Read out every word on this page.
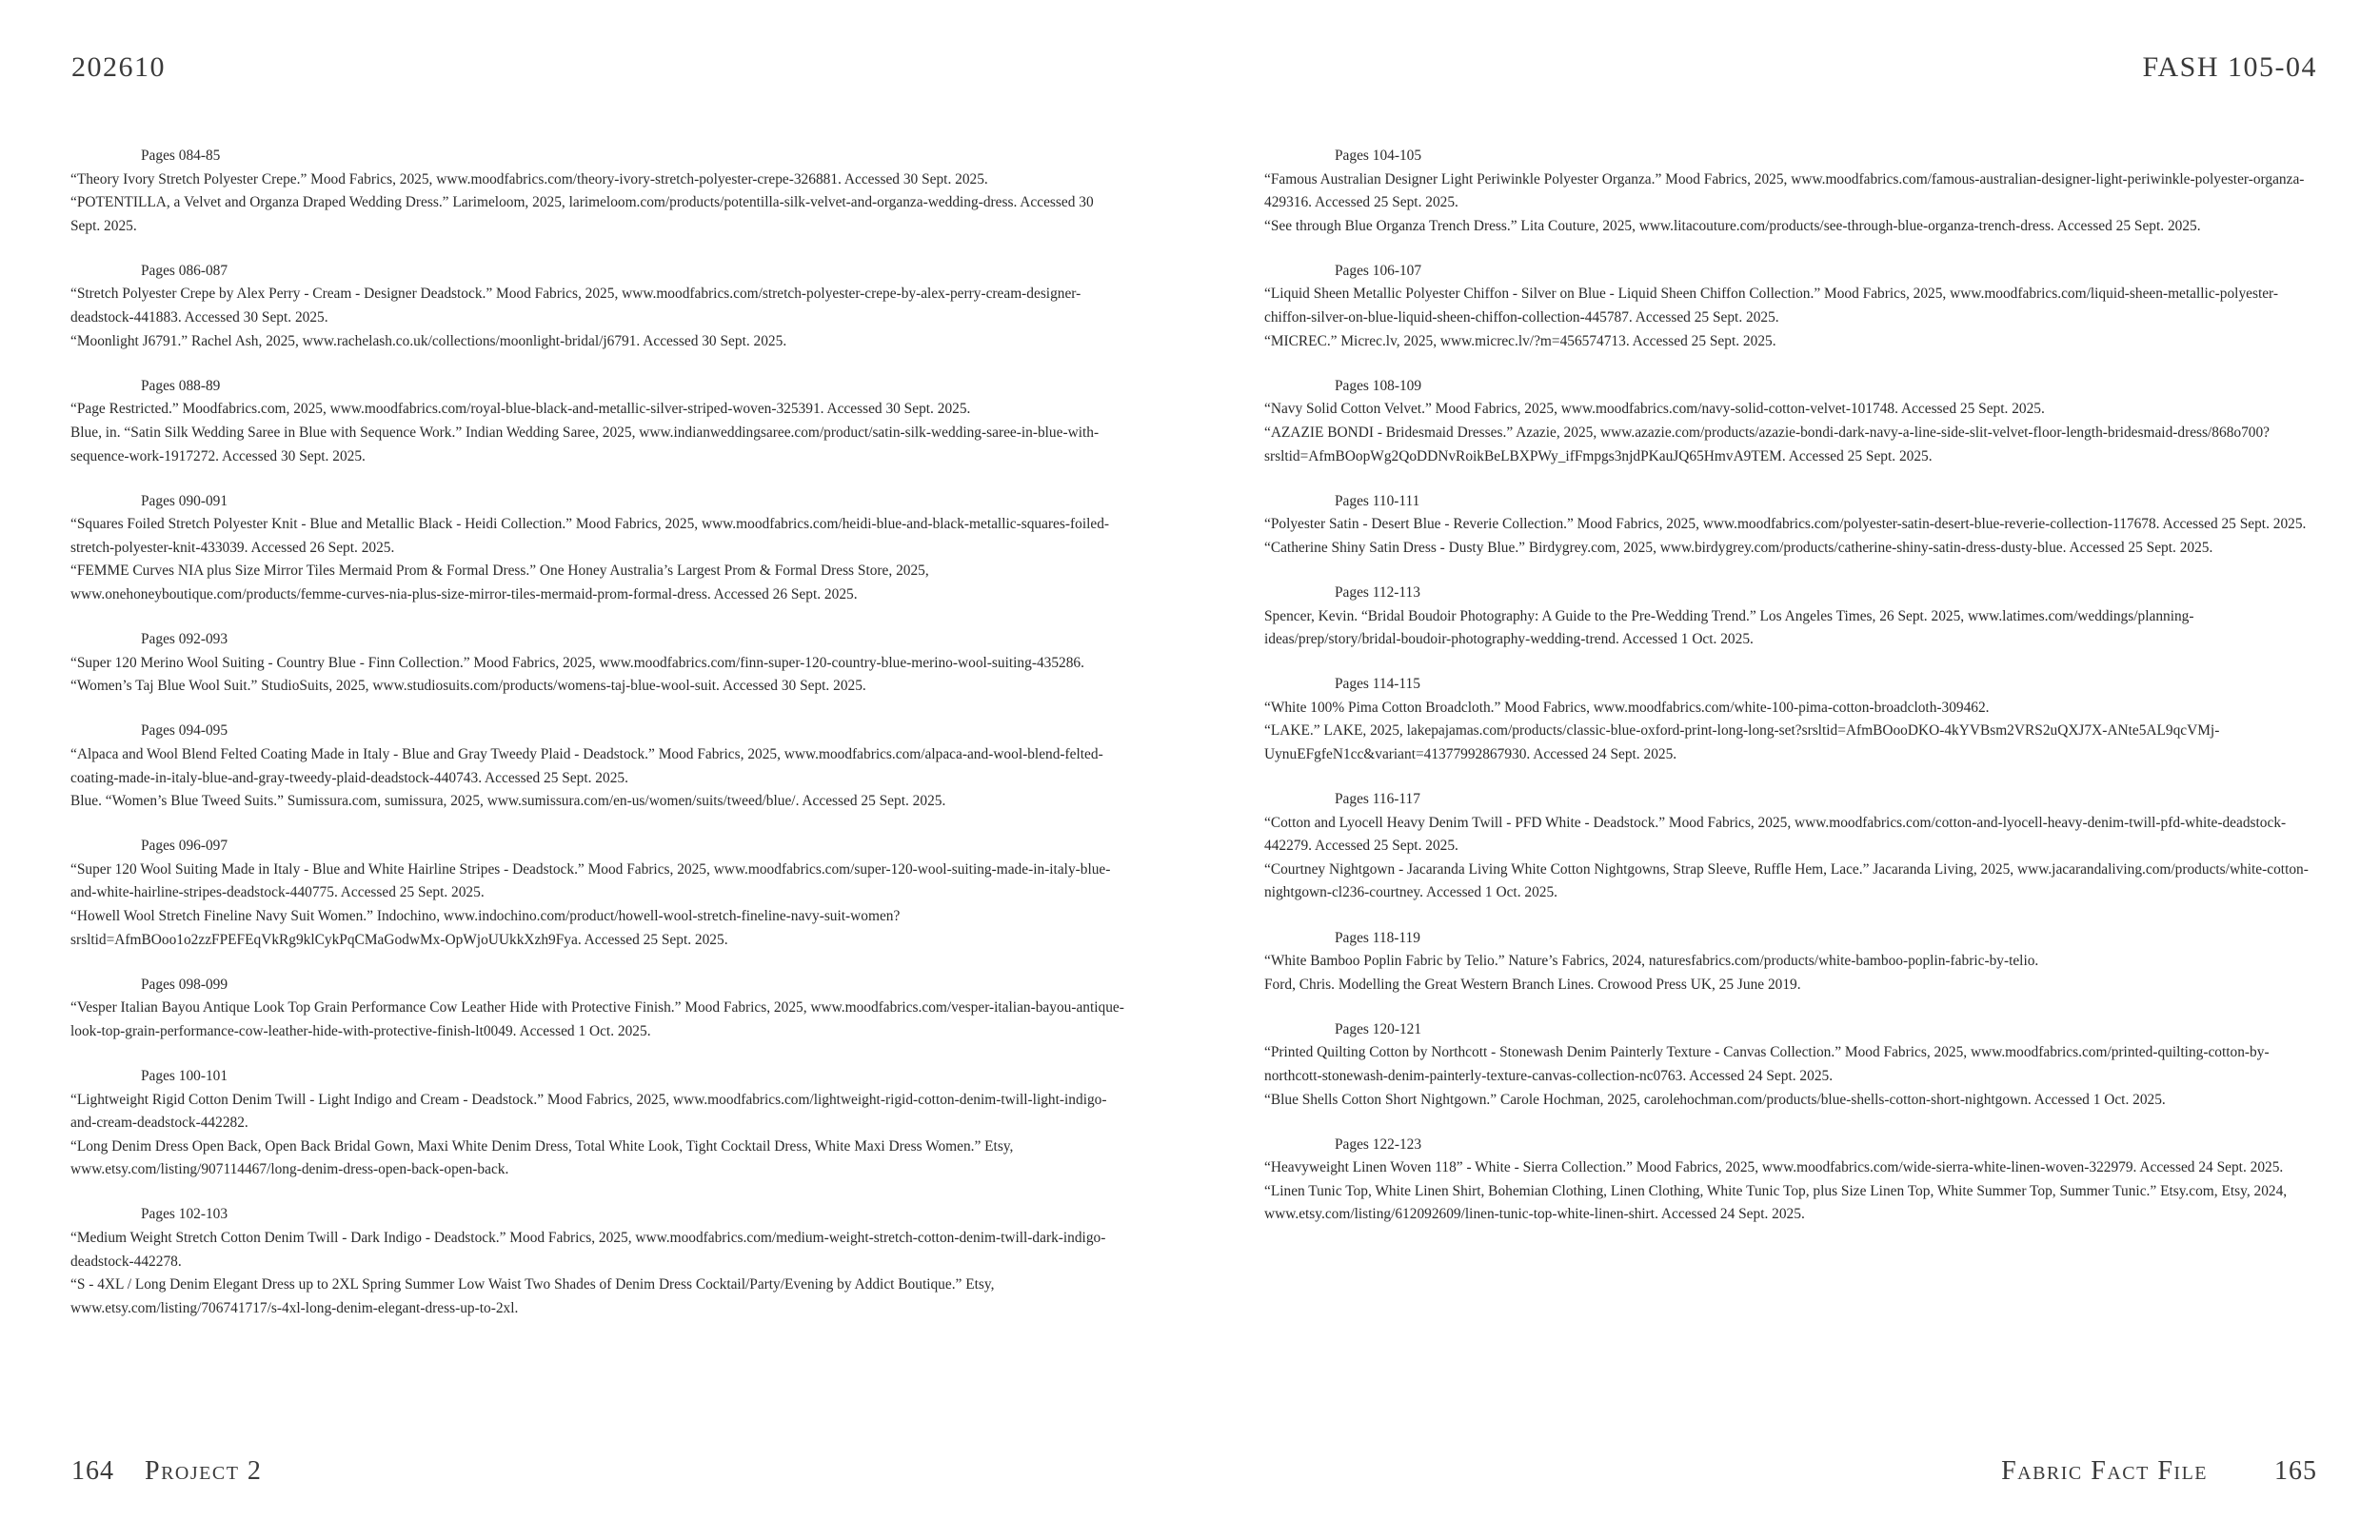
202610	FASH 105-04
Pages 084-85

“Theory Ivory Stretch Polyester Crepe.” Mood Fabrics, 2025, www.moodfabrics.com/theory-ivory-stretch-polyester-crepe-326881. Accessed 30 Sept. 2025.

“POTENTILLA, a Velvet and Organza Draped Wedding Dress.” Larimeloom, 2025, larimeloom.com/products/potentilla-silk-velvet-and-organza-wedding-dress. Accessed 30 Sept. 2025.

Pages 086-087

“Stretch Polyester Crepe by Alex Perry - Cream - Designer Deadstock.” Mood Fabrics, 2025, www.moodfabrics.com/stretch-polyester-crepe-by-alex-perry-cream-designer-deadstock-441883. Accessed 30 Sept. 2025.

“Moonlight J6791.” Rachel Ash, 2025, www.rachelash.co.uk/collections/moonlight-bridal/j6791. Accessed 30 Sept. 2025.

Pages 088-89

“Page Restricted.” Moodfabrics.com, 2025, www.moodfabrics.com/royal-blue-black-and-metallic-silver-striped-woven-325391. Accessed 30 Sept. 2025.

Blue, in. “Satin Silk Wedding Saree in Blue with Sequence Work.” Indian Wedding Saree, 2025, www.indianweddingsaree.com/product/satin-silk-wedding-saree-in-blue-with-sequence-work-1917272. Accessed 30 Sept. 2025.

Pages 090-091

“Squares Foiled Stretch Polyester Knit - Blue and Metallic Black - Heidi Collection.” Mood Fabrics, 2025, www.moodfabrics.com/heidi-blue-and-black-metallic-squares-foiled-stretch-polyester-knit-433039. Accessed 26 Sept. 2025.

“FEMME Curves NIA plus Size Mirror Tiles Mermaid Prom & Formal Dress.” One Honey Australia’s Largest Prom & Formal Dress Store, 2025, www.onehoneyboutique.com/products/femme-curves-nia-plus-size-mirror-tiles-mermaid-prom-formal-dress. Accessed 26 Sept. 2025.

Pages 092-093

“Super 120 Merino Wool Suiting - Country Blue - Finn Collection.” Mood Fabrics, 2025, www.moodfabrics.com/finn-super-120-country-blue-merino-wool-suiting-435286.

“Women’s Taj Blue Wool Suit.” StudioSuits, 2025, www.studiosuits.com/products/womens-taj-blue-wool-suit. Accessed 30 Sept. 2025.

Pages 094-095

“Alpaca and Wool Blend Felted Coating Made in Italy - Blue and Gray Tweedy Plaid - Deadstock.” Mood Fabrics, 2025, www.moodfabrics.com/alpaca-and-wool-blend-felted-coating-made-in-italy-blue-and-gray-tweedy-plaid-deadstock-440743. Accessed 25 Sept. 2025.

Blue. “Women’s Blue Tweed Suits.” Sumissura.com, sumissura, 2025, www.sumissura.com/en-us/women/suits/tweed/blue/. Accessed 25 Sept. 2025.

Pages 096-097

“Super 120 Wool Suiting Made in Italy - Blue and White Hairline Stripes - Deadstock.” Mood Fabrics, 2025, www.moodfabrics.com/super-120-wool-suiting-made-in-italy-blue-and-white-hairline-stripes-deadstock-440775. Accessed 25 Sept. 2025.

“Howell Wool Stretch Fineline Navy Suit Women.” Indochino, www.indochino.com/product/howell-wool-stretch-fineline-navy-suit-women?srsltid=AfmBOoo1o2zzFPEFEqVkRg9klCykPqCMaGodwMx-OpWjoUUkkXzh9Fya. Accessed 25 Sept. 2025.

Pages 098-099

“Vesper Italian Bayou Antique Look Top Grain Performance Cow Leather Hide with Protective Finish.” Mood Fabrics, 2025, www.moodfabrics.com/vesper-italian-bayou-antique-look-top-grain-performance-cow-leather-hide-with-protective-finish-lt0049. Accessed 1 Oct. 2025.

Pages 100-101

“Lightweight Rigid Cotton Denim Twill - Light Indigo and Cream - Deadstock.” Mood Fabrics, 2025, www.moodfabrics.com/lightweight-rigid-cotton-denim-twill-light-indigo-and-cream-deadstock-442282.

“Long Denim Dress Open Back, Open Back Bridal Gown, Maxi White Denim Dress, Total White Look, Tight Cocktail Dress, White Maxi Dress Women.” Etsy, www.etsy.com/listing/907114467/long-denim-dress-open-back-open-back.

Pages 102-103

“Medium Weight Stretch Cotton Denim Twill - Dark Indigo - Deadstock.” Mood Fabrics, 2025, www.moodfabrics.com/medium-weight-stretch-cotton-denim-twill-dark-indigo-deadstock-442278.

“S - 4XL / Long Denim Elegant Dress up to 2XL Spring Summer Low Waist Two Shades of Denim Dress Cocktail/Party/Evening by Addict Boutique.” Etsy, www.etsy.com/listing/706741717/s-4xl-long-denim-elegant-dress-up-to-2xl.

Pages 104-105

“Famous Australian Designer Light Periwinkle Polyester Organza.” Mood Fabrics, 2025, www.moodfabrics.com/famous-australian-designer-light-periwinkle-polyester-organza-429316. Accessed 25 Sept. 2025.

“See through Blue Organza Trench Dress.” Lita Couture, 2025, www.litacouture.com/products/see-through-blue-organza-trench-dress. Accessed 25 Sept. 2025.

Pages 106-107

“Liquid Sheen Metallic Polyester Chiffon - Silver on Blue - Liquid Sheen Chiffon Collection.” Mood Fabrics, 2025, www.moodfabrics.com/liquid-sheen-metallic-polyester-chiffon-silver-on-blue-liquid-sheen-chiffon-collection-445787. Accessed 25 Sept. 2025.

“MICREC.” Micrec.lv, 2025, www.micrec.lv/?m=456574713. Accessed 25 Sept. 2025.

Pages 108-109

“Navy Solid Cotton Velvet.” Mood Fabrics, 2025, www.moodfabrics.com/navy-solid-cotton-velvet-101748. Accessed 25 Sept. 2025.

“AZAZIE BONDI - Bridesmaid Dresses.” Azazie, 2025, www.azazie.com/products/azazie-bondi-dark-navy-a-line-side-slit-velvet-floor-length-bridesmaid-dress/868o700?srsltid=AfmBOopWg2QoDDNvRoikBeLBXPWy_ifFmpgs3njdPKauJQ65HmvA9TEM. Accessed 25 Sept. 2025.

Pages 110-111

“Polyester Satin - Desert Blue - Reverie Collection.” Mood Fabrics, 2025, www.moodfabrics.com/polyester-satin-desert-blue-reverie-collection-117678. Accessed 25 Sept. 2025.

“Catherine Shiny Satin Dress - Dusty Blue.” Birdygrey.com, 2025, www.birdygrey.com/products/catherine-shiny-satin-dress-dusty-blue. Accessed 25 Sept. 2025.

Pages 112-113

Spencer, Kevin. “Bridal Boudoir Photography: A Guide to the Pre-Wedding Trend.” Los Angeles Times, 26 Sept. 2025, www.latimes.com/weddings/planning-ideas/prep/story/bridal-boudoir-photography-wedding-trend. Accessed 1 Oct. 2025.

Pages 114-115

“White 100% Pima Cotton Broadcloth.” Mood Fabrics, www.moodfabrics.com/white-100-pima-cotton-broadcloth-309462.

“LAKE.” LAKE, 2025, lakepajamas.com/products/classic-blue-oxford-print-long-long-set?srsltid=AfmBOooDKO-4kYVBsm2VRS2uQXJ7X-ANte5AL9qcVMj-UynuEFgfeN1cc&variant=41377992867930. Accessed 24 Sept. 2025.

Pages 116-117

“Cotton and Lyocell Heavy Denim Twill - PFD White - Deadstock.” Mood Fabrics, 2025, www.moodfabrics.com/cotton-and-lyocell-heavy-denim-twill-pfd-white-deadstock-442279. Accessed 25 Sept. 2025.

“Courtney Nightgown - Jacaranda Living White Cotton Nightgowns, Strap Sleeve, Ruffle Hem, Lace.” Jacaranda Living, 2025, www.jacarandaliving.com/products/white-cotton-nightgown-cl236-courtney. Accessed 1 Oct. 2025.

Pages 118-119

“White Bamboo Poplin Fabric by Telio.” Nature’s Fabrics, 2024, naturesfabrics.com/products/white-bamboo-poplin-fabric-by-telio.

Ford, Chris. Modelling the Great Western Branch Lines. Crowood Press UK, 25 June 2019.

Pages 120-121

“Printed Quilting Cotton by Northcott - Stonewash Denim Painterly Texture - Canvas Collection.” Mood Fabrics, 2025, www.moodfabrics.com/printed-quilting-cotton-by-northcott-stonewash-denim-painterly-texture-canvas-collection-nc0763. Accessed 24 Sept. 2025.

“Blue Shells Cotton Short Nightgown.” Carole Hochman, 2025, carolehochman.com/products/blue-shells-cotton-short-nightgown. Accessed 1 Oct. 2025.

Pages 122-123

“Heavyweight Linen Woven 118” - White - Sierra Collection.” Mood Fabrics, 2025, www.moodfabrics.com/wide-sierra-white-linen-woven-322979. Accessed 24 Sept. 2025.

“Linen Tunic Top, White Linen Shirt, Bohemian Clothing, Linen Clothing, White Tunic Top, plus Size Linen Top, White Summer Top, Summer Tunic.” Etsy.com, Etsy, 2024, www.etsy.com/listing/612092609/linen-tunic-top-white-linen-shirt. Accessed 24 Sept. 2025.

164 Project 2	Fabric Fact File	165
